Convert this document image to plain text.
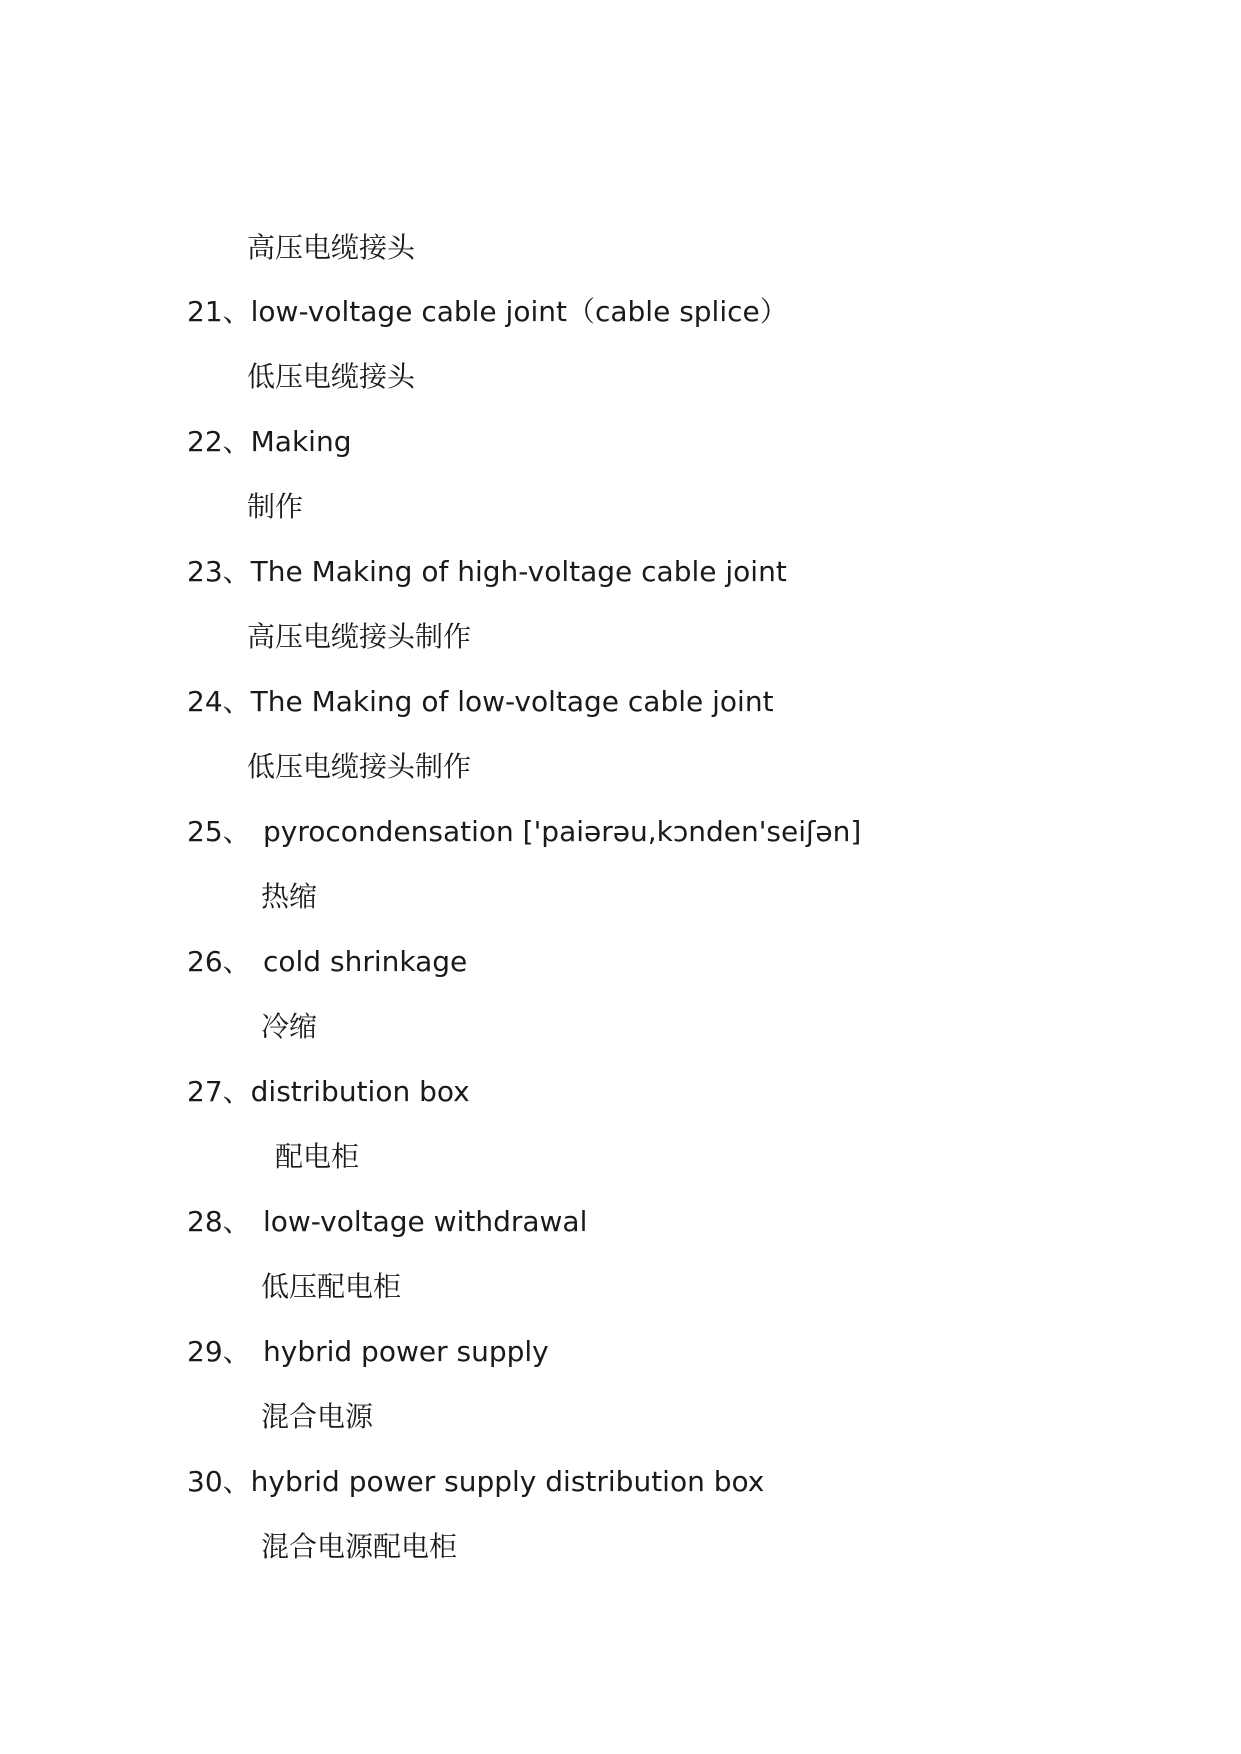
高压电缆接头
21、low-voltage cable joint（cable splice）
低压电缆接头
22、Making
制作
23、The Making of high-voltage cable joint
高压电缆接头制作
24、The Making of low-voltage cable joint
低压电缆接头制作
25、 pyrocondensation ['paiərəu,kɔnden'seiʃən]
热缩
26、 cold shrinkage
冷缩
27、distribution box
配电柜
28、 low-voltage withdrawal
低压配电柜
29、 hybrid power supply
混合电源
30、hybrid power supply distribution box
混合电源配电柜
